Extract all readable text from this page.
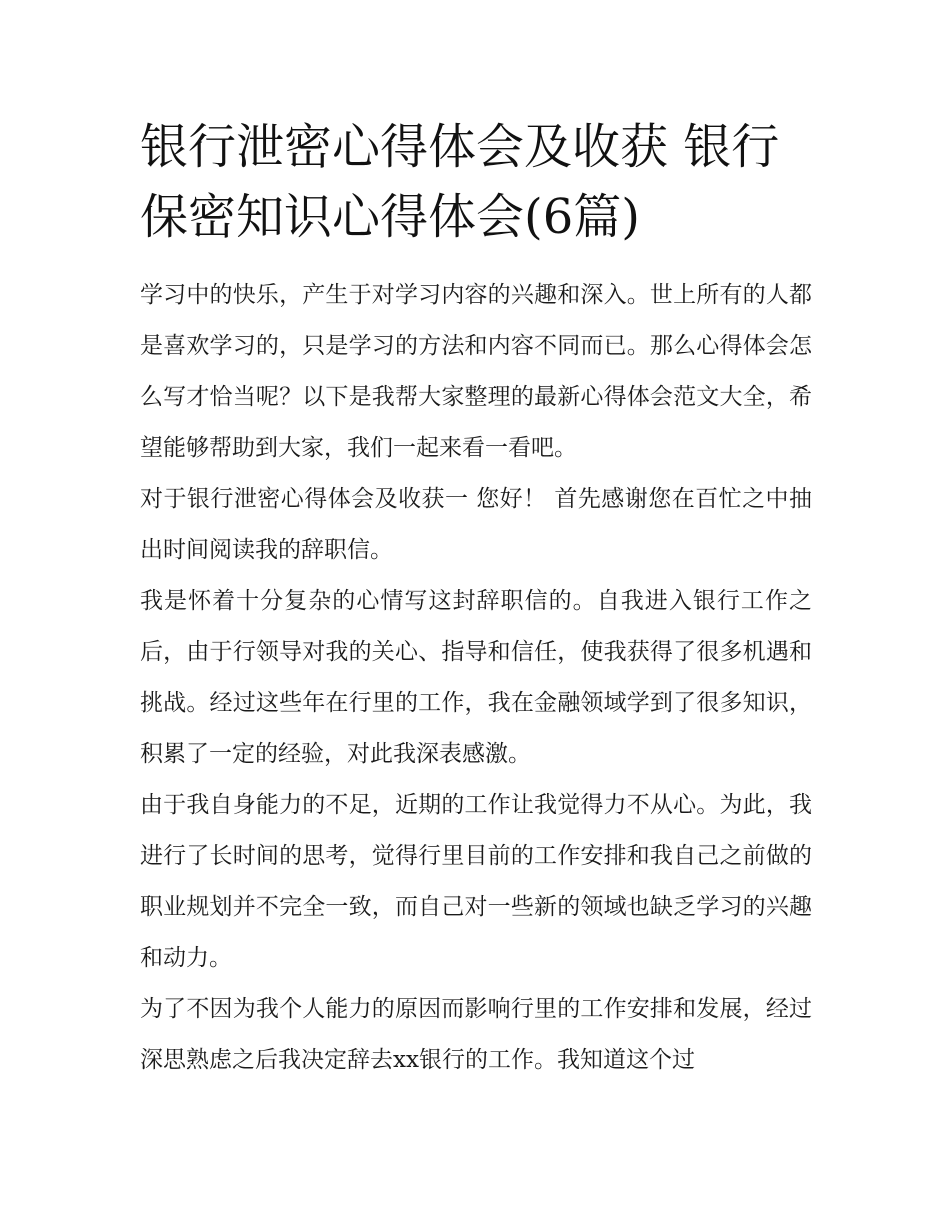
银行泄密心得体会及收获 银行保密知识心得体会(6篇)

学习中的快乐，产生于对学习内容的兴趣和深入。世上所有的人都是喜欢学习的，只是学习的方法和内容不同而已。那么心得体会怎么写才恰当呢？以下是我帮大家整理的最新心得体会范文大全，希望能够帮助到大家，我们一起来看一看吧。

对于银行泄密心得体会及收获一 您好！ 首先感谢您在百忙之中抽出时间阅读我的辞职信。

我是怀着十分复杂的心情写这封辞职信的。自我进入银行工作之后，由于行领导对我的关心、指导和信任，使我获得了很多机遇和挑战。经过这些年在行里的工作，我在金融领域学到了很多知识，积累了一定的经验，对此我深表感激。

由于我自身能力的不足，近期的工作让我觉得力不从心。为此，我进行了长时间的思考，觉得行里目前的工作安排和我自己之前做的职业规划并不完全一致，而自己对一些新的领域也缺乏学习的兴趣和动力。

为了不因为我个人能力的原因而影响行里的工作安排和发展，经过深思熟虑之后我决定辞去xx银行的工作。我知道这个过
